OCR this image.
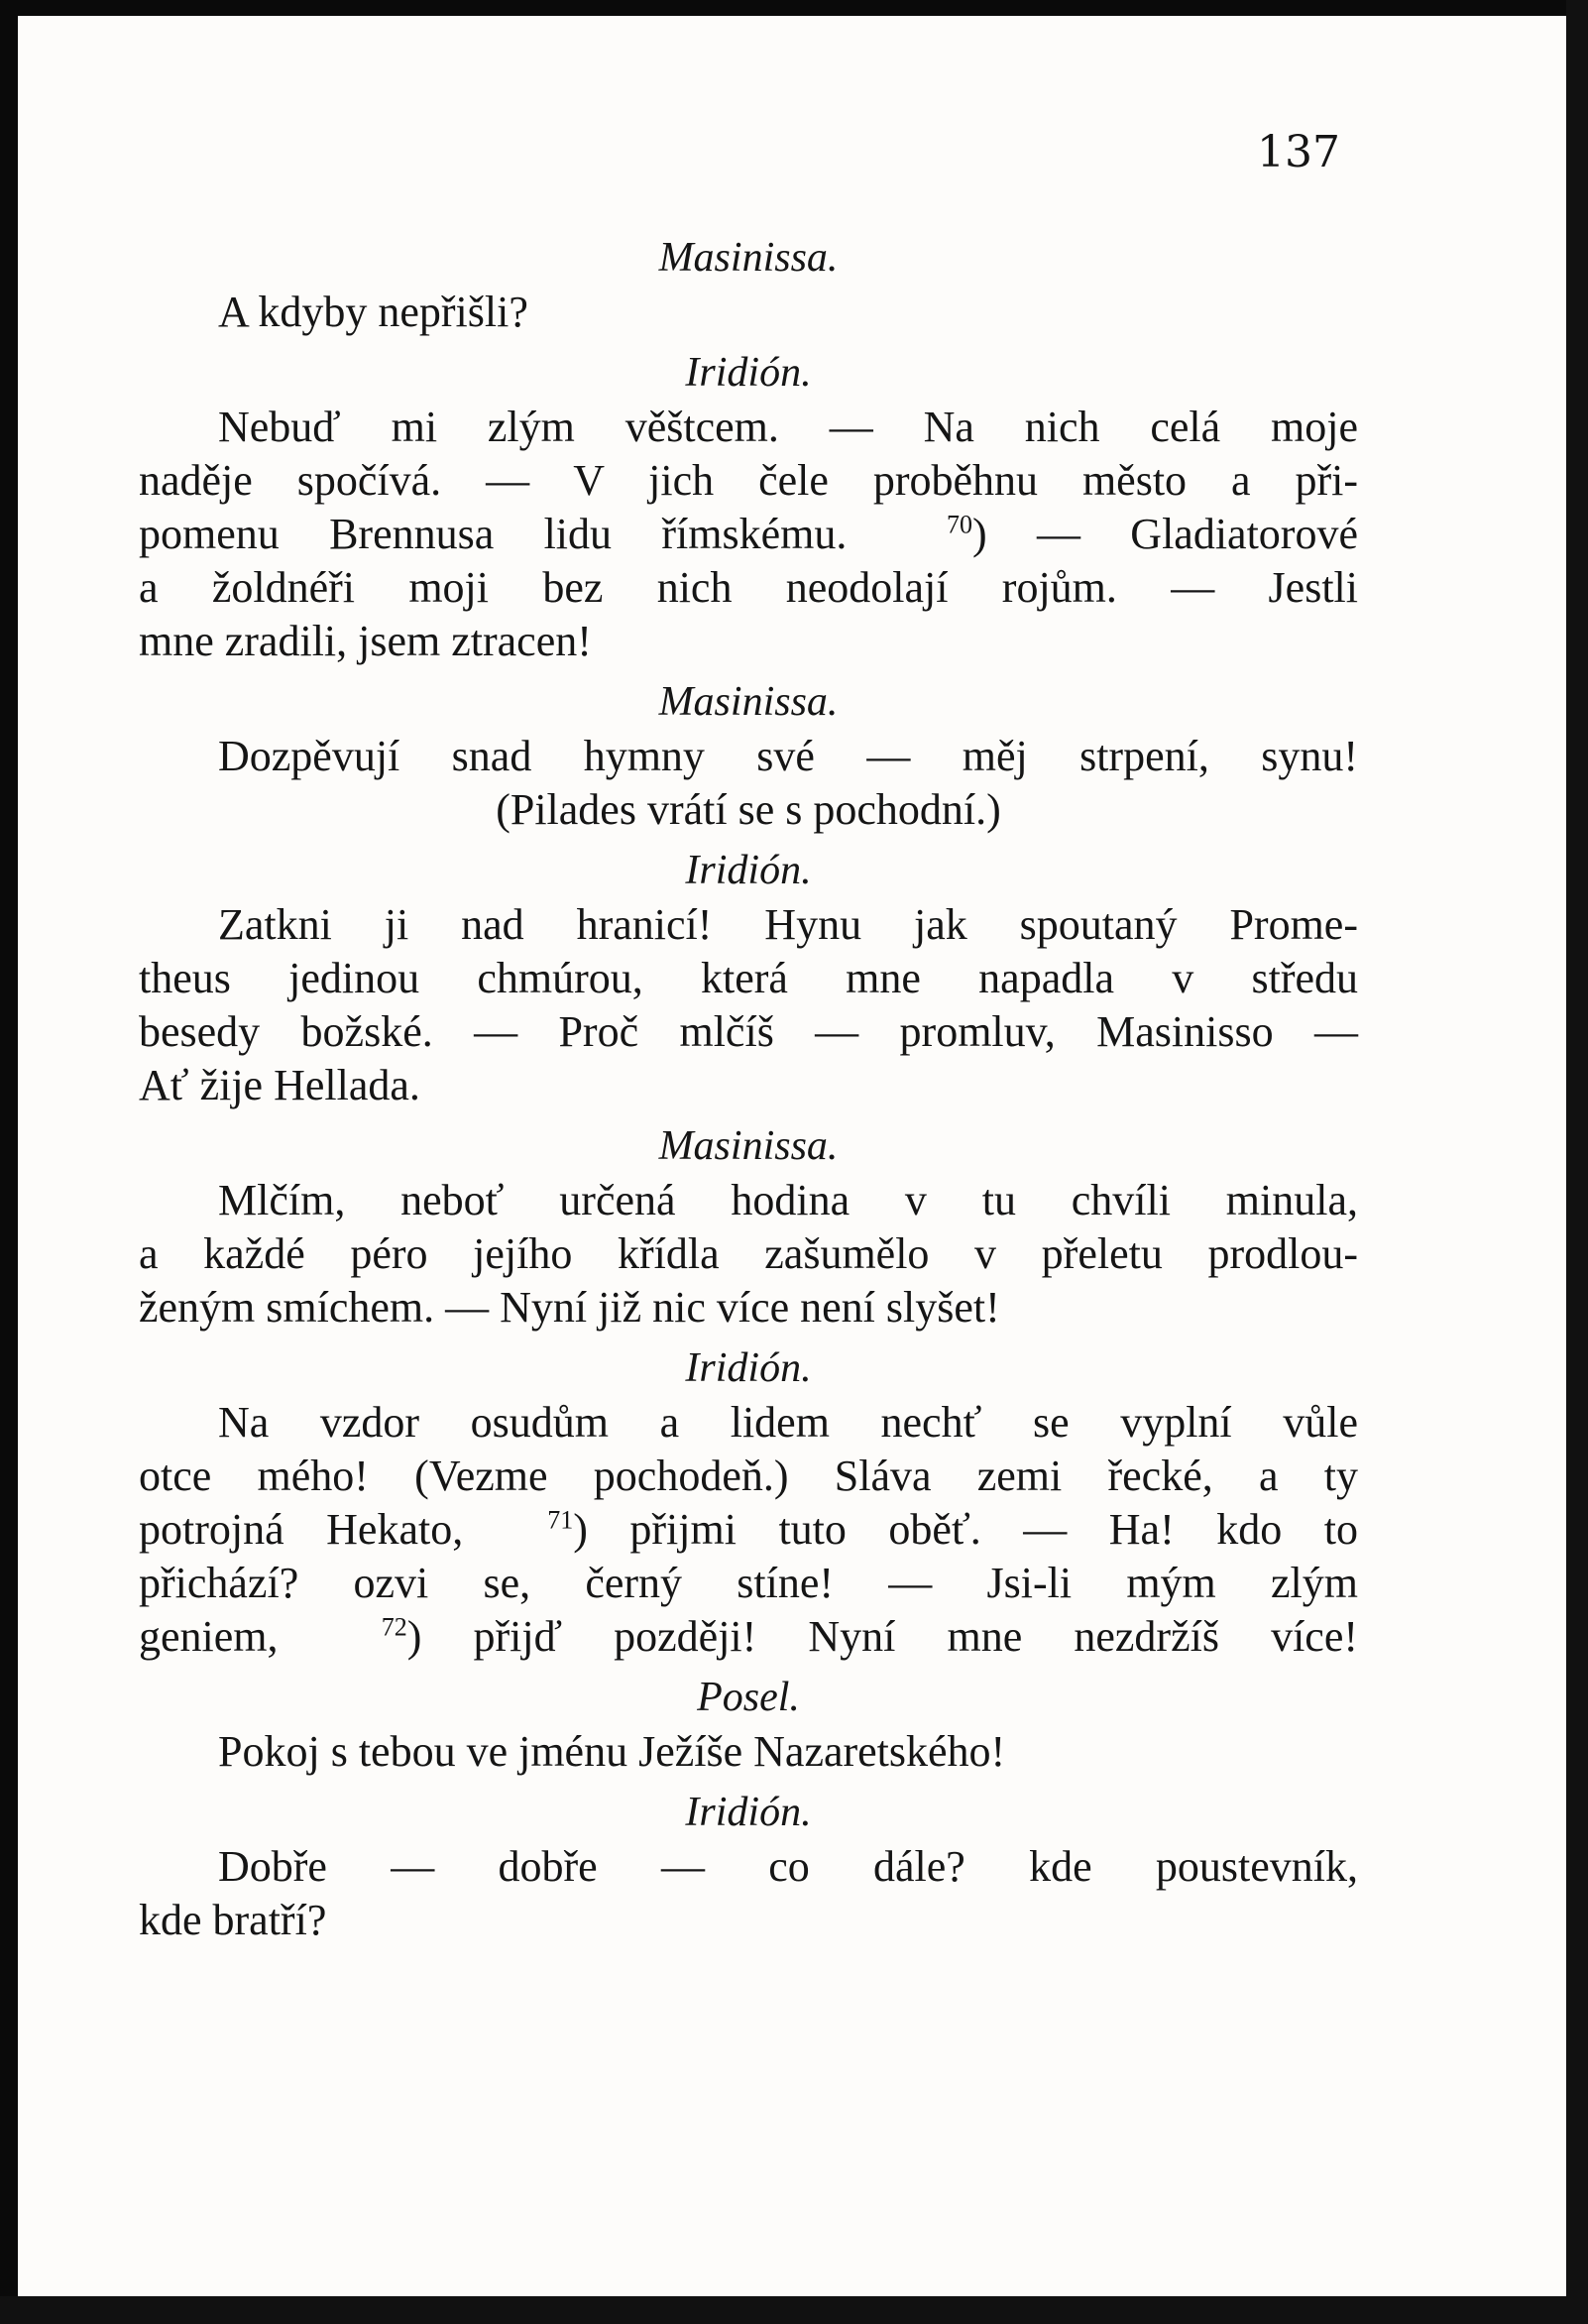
137
Masinissa.
A kdyby nepřišli?
Iridión.
Nebuď mi zlým věštcem. — Na nich celá moje
naděje spočívá. — V jich čele proběhnu město a při-
pomenu Brennusa lidu římskému.	$^{70}$) — Gladiatorové
a žoldnéři moji bez nich neodolají rojům. — Jestli
mne zradili, jsem ztracen!
Masinissa.
Dozpěvují snad hymny své — měj strpení, synu!
(Pilades vrátí se s pochodní.)
Iridión.
Zatkni ji nad hranicí! Hynu jak spoutaný Prome-
theus jedinou chmúrou, která mne napadla v středu
besedy božské. — Proč mlčíš — promluv, Masinisso —
Ať žije Hellada.
Masinissa.
Mlčím, neboť určená hodina v tu chvíli minula,
a každé péro jejího křídla zašumělo v přeletu prodlou-
ženým smíchem. — Nyní již nic více není slyšet!
Iridión.
Na vzdor osudům a lidem nechť se vyplní vůle
otce mého! (Vezme pochodeň.) Sláva zemi řecké, a ty
potrojná Hekato,	$^{71}$) přijmi tuto oběť. — Ha! kdo to
přichází? ozvi se, černý stíne! — Jsi-li mým zlým
geniem,	$^{72}$) přijď později! Nyní mne nezdržíš více!
Posel.
Pokoj s tebou ve jménu Ježíše Nazaretského!
Iridión.
Dobře — dobře — co dále? kde poustevník,
kde bratří?
